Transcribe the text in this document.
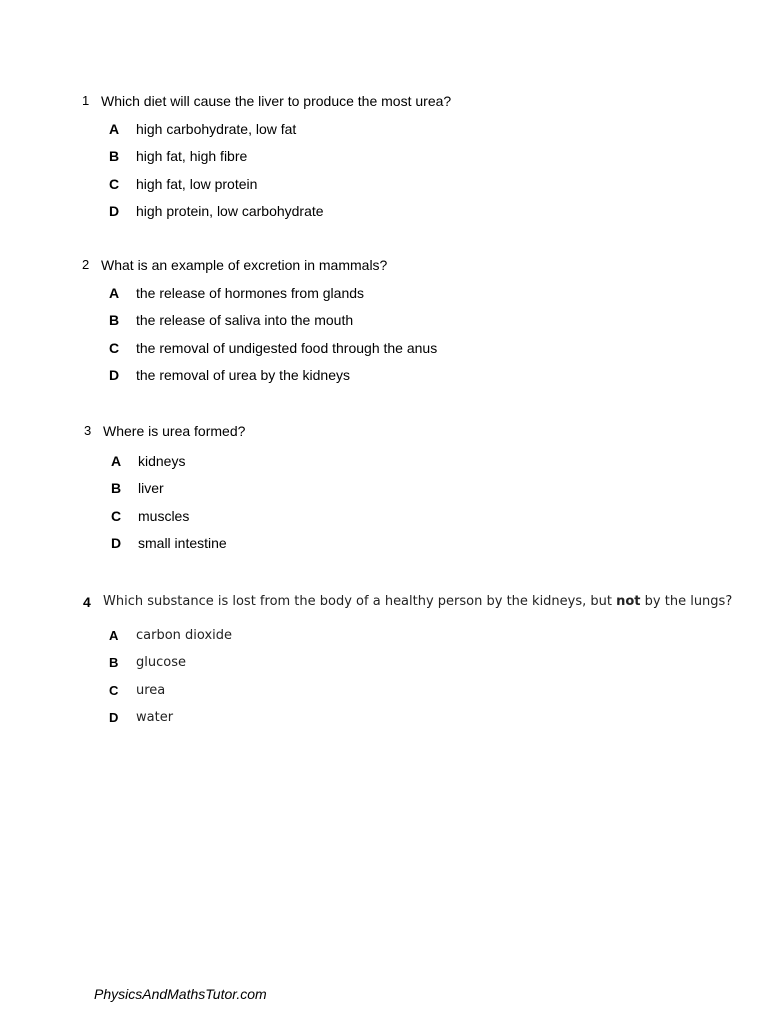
1 Which diet will cause the liver to produce the most urea?
A high carbohydrate, low fat
B high fat, high fibre
C high fat, low protein
D high protein, low carbohydrate
2 What is an example of excretion in mammals?
A the release of hormones from glands
B the release of saliva into the mouth
C the removal of undigested food through the anus
D the removal of urea by the kidneys
3 Where is urea formed?
A kidneys
B liver
C muscles
D small intestine
4 Which substance is lost from the body of a healthy person by the kidneys, but not by the lungs?
A carbon dioxide
B glucose
C urea
D water
PhysicsAndMathsTutor.com
